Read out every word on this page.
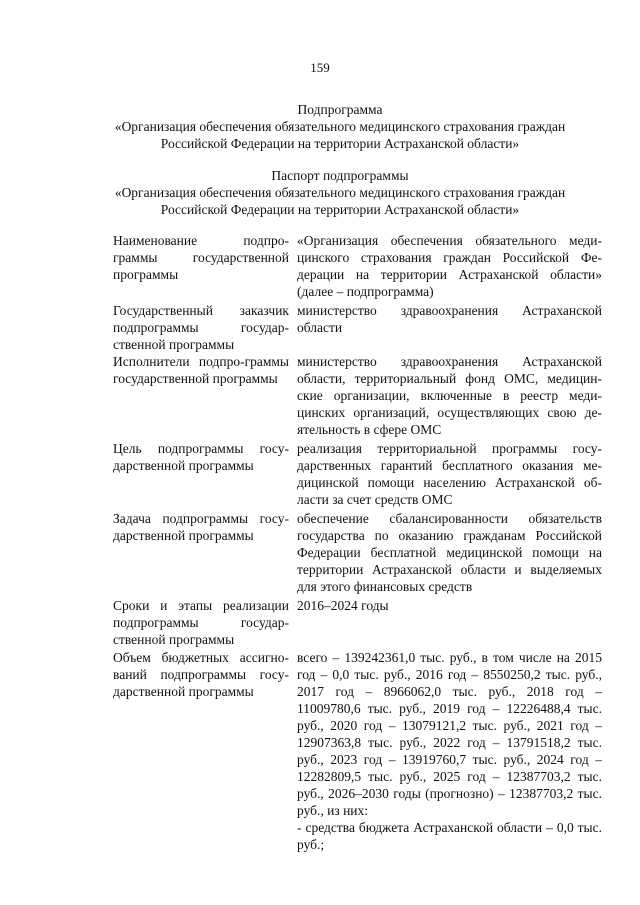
159
Подпрограмма
«Организация обеспечения обязательного медицинского страхования граждан
Российской Федерации на территории Астраханской области»
Паспорт подпрограммы
«Организация обеспечения обязательного медицинского страхования граждан
Российской Федерации на территории Астраханской области»
Наименование подпро-граммы государственной программы		«Организация обеспечения обязательного меди-цинского страхования граждан Российской Фе-дерации на территории Астраханской области» (далее – подпрограмма)
Государственный заказчик подпрограммы государ-ственной программы		министерство здравоохранения Астраханской области
Исполнители подпро-граммы государственной программы		министерство здравоохранения Астраханской области, территориальный фонд ОМС, медицин-ские организации, включенные в реестр меди-цинских организаций, осуществляющих свою де-ятельность в сфере ОМС
Цель подпрограммы госу-дарственной программы		реализация территориальной программы госу-дарственных гарантий бесплатного оказания ме-дицинской помощи населению Астраханской об-ласти за счет средств ОМС
Задача подпрограммы госу-дарственной программы		обеспечение сбалансированности обязательств государства по оказанию гражданам Российской Федерации бесплатной медицинской помощи на территории Астраханской области и выделяемых для этого финансовых средств
Сроки и этапы реализации подпрограммы государ-ственной программы		2016–2024 годы
Объем бюджетных ассигно-ваний подпрограммы госу-дарственной программы		всего – 139242361,0 тыс. руб., в том числе на 2015 год – 0,0 тыс. руб., 2016 год – 8550250,2 тыс. руб., 2017 год – 8966062,0 тыс. руб., 2018 год – 11009780,6 тыс. руб., 2019 год – 12226488,4 тыс. руб., 2020 год – 13079121,2 тыс. руб., 2021 год – 12907363,8 тыс. руб., 2022 год – 13791518,2 тыс. руб., 2023 год – 13919760,7 тыс. руб., 2024 год – 12282809,5 тыс. руб., 2025 год – 12387703,2 тыс. руб., 2026–2030 годы (прогнозно) – 12387703,2 тыс. руб., из них:
- средства бюджета Астраханской области – 0,0 тыс. руб.;
